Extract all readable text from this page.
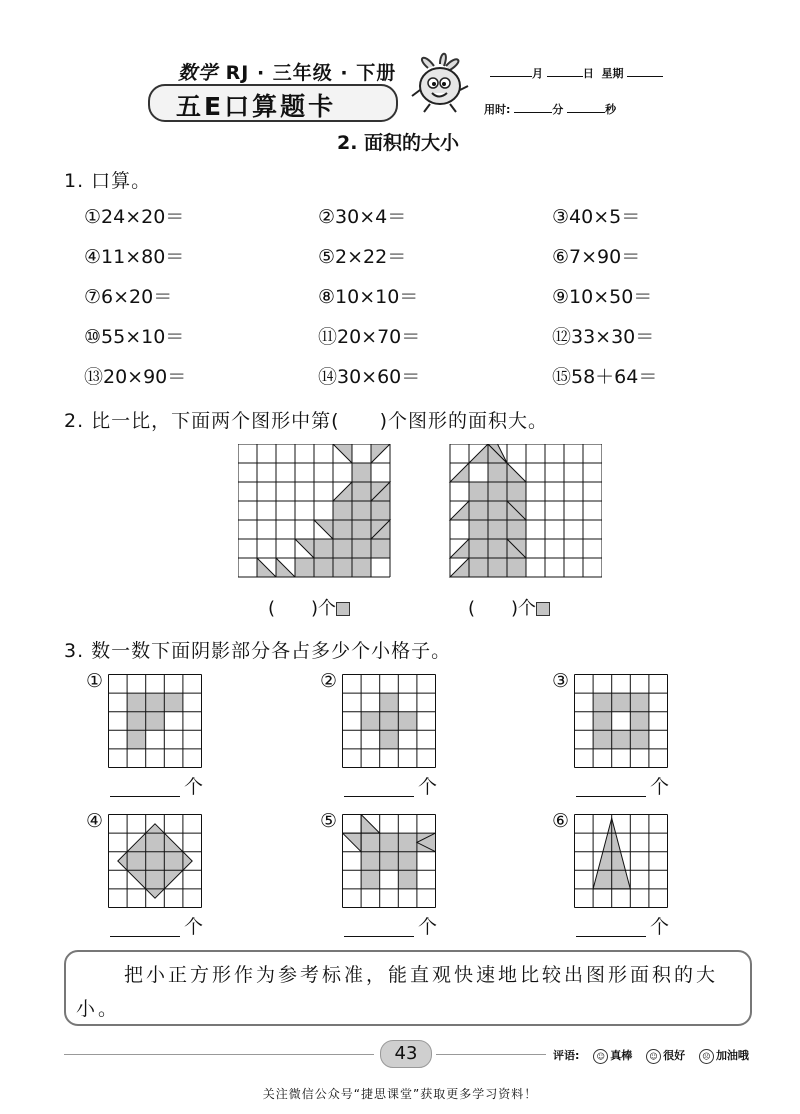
数学 RJ · 三年级 · 下册
五E口算题卡
月	日 星期
用时:	分	秒
2. 面积的大小
1. 口算。
①24×20＝	②30×4＝	③40×5＝
④11×80＝	⑤2×22＝	⑥7×90＝
⑦6×20＝	⑧10×10＝	⑨10×50＝
⑩55×10＝	⑪20×70＝	⑫33×30＝
⑬20×90＝	⑭30×60＝	⑮58＋64＝
2. 比一比，下面两个图形中第(　　)个图形的面积大。
(　　)个	(　　)个
3. 数一数下面阴影部分各占多少个小格子。
①
个
②
个
③
个
④
个
⑤
个
⑥
个
把小正方形作为参考标准，能直观快速地比较出图形面积的大小。
43	评语: ☺ 真棒 ☺ 很好 ☹ 加油哦
关注微信公众号“捷思课堂”获取更多学习资料！
